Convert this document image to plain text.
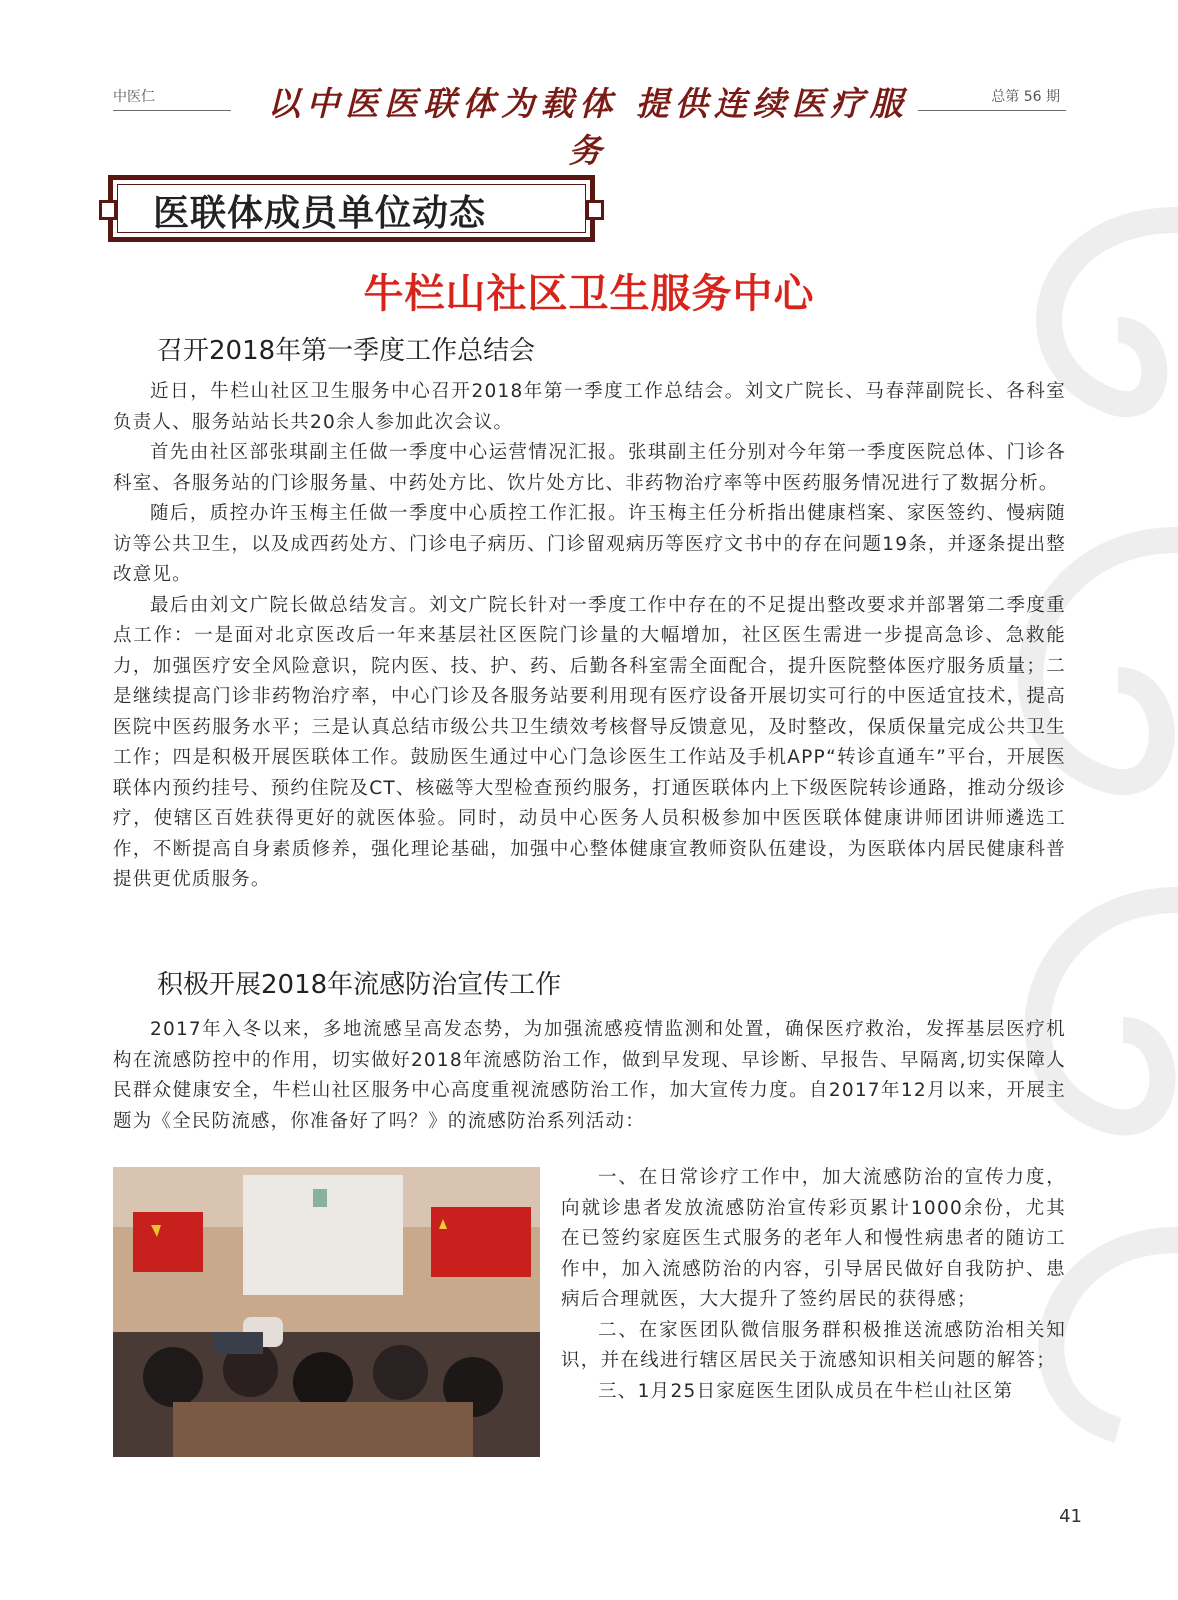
中医仁	以中医医联体为载体 提供连续医疗服务
总第 56 期
医联体成员单位动态
牛栏山社区卫生服务中心
召开2018年第一季度工作总结会

近日，牛栏山社区卫生服务中心召开2018年第一季度工作总结会。刘文广院长、马春萍副院长、各科室负责人、服务站站长共20余人参加此次会议。

首先由社区部张琪副主任做一季度中心运营情况汇报。张琪副主任分别对今年第一季度医院总体、门诊各科室、各服务站的门诊服务量、中药处方比、饮片处方比、非药物治疗率等中医药服务情况进行了数据分析。

随后，质控办许玉梅主任做一季度中心质控工作汇报。许玉梅主任分析指出健康档案、家医签约、慢病随访等公共卫生，以及成西药处方、门诊电子病历、门诊留观病历等医疗文书中的存在问题19条，并逐条提出整改意见。

最后由刘文广院长做总结发言。刘文广院长针对一季度工作中存在的不足提出整改要求并部署第二季度重点工作：一是面对北京医改后一年来基层社区医院门诊量的大幅增加，社区医生需进一步提高急诊、急救能力，加强医疗安全风险意识，院内医、技、护、药、后勤各科室需全面配合，提升医院整体医疗服务质量；二是继续提高门诊非药物治疗率，中心门诊及各服务站要利用现有医疗设备开展切实可行的中医适宜技术，提高医院中医药服务水平；三是认真总结市级公共卫生绩效考核督导反馈意见，及时整改，保质保量完成公共卫生工作；四是积极开展医联体工作。鼓励医生通过中心门急诊医生工作站及手机APP“转诊直通车”平台，开展医联体内预约挂号、预约住院及CT、核磁等大型检查预约服务，打通医联体内上下级医院转诊通路，推动分级诊疗，使辖区百姓获得更好的就医体验。同时，动员中心医务人员积极参加中医医联体健康讲师团讲师遴选工作，不断提高自身素质修养，强化理论基础，加强中心整体健康宣教师资队伍建设，为医联体内居民健康科普提供更优质服务。

积极开展2018年流感防治宣传工作

2017年入冬以来，多地流感呈高发态势，为加强流感疫情监测和处置，确保医疗救治，发挥基层医疗机构在流感防控中的作用，切实做好2018年流感防治工作，做到早发现、早诊断、早报告、早隔离,切实保障人民群众健康安全，牛栏山社区服务中心高度重视流感防治工作，加大宣传力度。自2017年12月以来，开展主题为《全民防流感，你准备好了吗？》的流感防治系列活动：

一、在日常诊疗工作中，加大流感防治的宣传力度，向就诊患者发放流感防治宣传彩页累计1000余份，尤其在已签约家庭医生式服务的老年人和慢性病患者的随访工作中，加入流感防治的内容，引导居民做好自我防护、患病后合理就医，大大提升了签约居民的获得感；

二、在家医团队微信服务群积极推送流感防治相关知识，并在线进行辖区居民关于流感知识相关问题的解答；

三、1月25日家庭医生团队成员在牛栏山社区第

41
